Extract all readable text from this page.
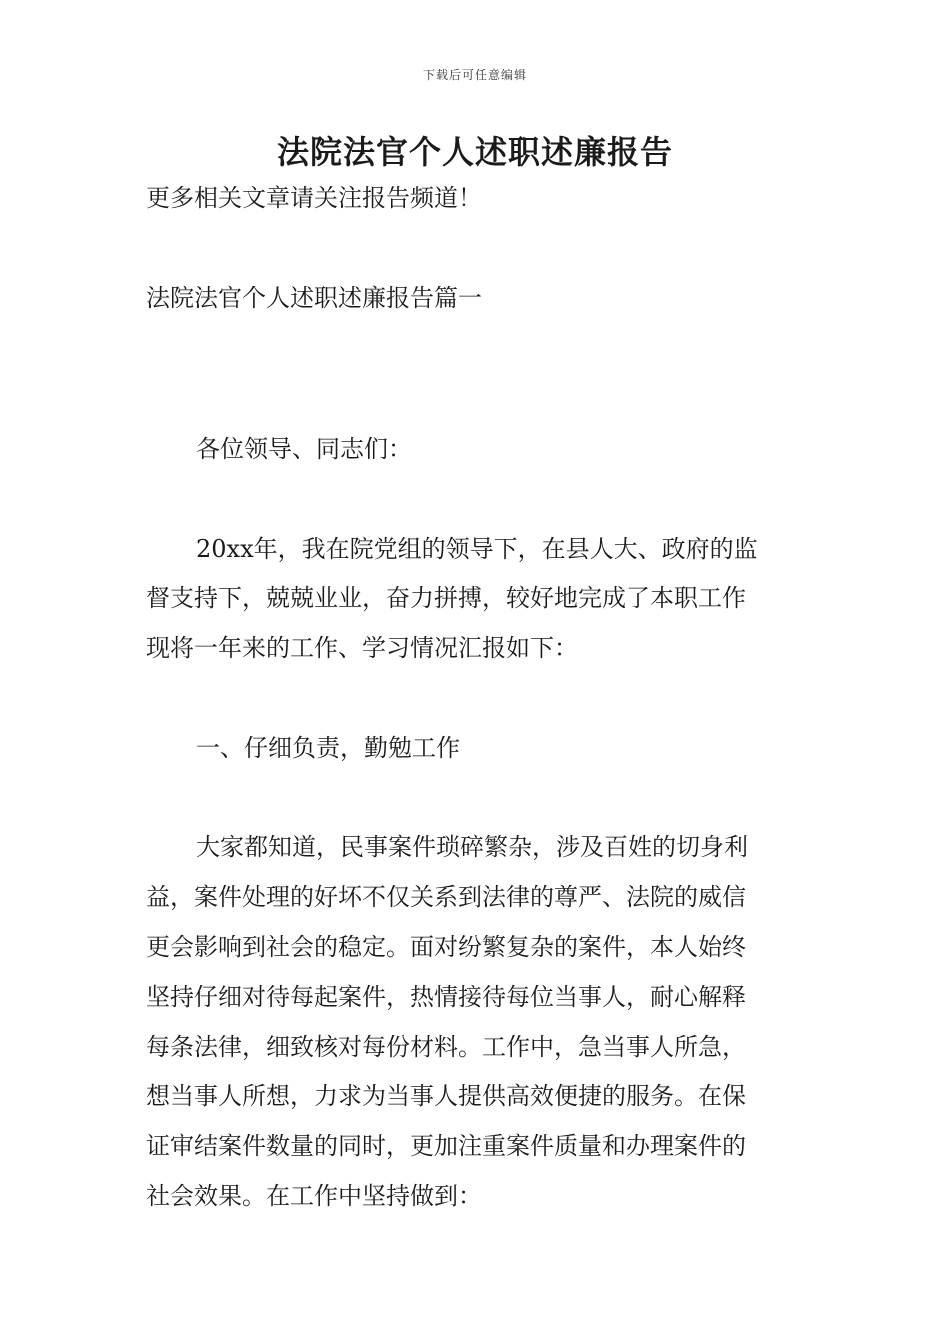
下载后可任意编辑
法院法官个人述职述廉报告

更多相关文章请关注报告频道！

法院法官个人述职述廉报告篇一

各位领导、同志们：

20xx年，我在院党组的领导下，在县人大、政府的监

督支持下，兢兢业业，奋力拼搏，较好地完成了本职工作

现将一年来的工作、学习情况汇报如下：

一、仔细负责，勤勉工作

大家都知道，民事案件琐碎繁杂，涉及百姓的切身利

益，案件处理的好坏不仅关系到法律的尊严、法院的威信

更会影响到社会的稳定。面对纷繁复杂的案件，本人始终

坚持仔细对待每起案件，热情接待每位当事人，耐心解释

每条法律，细致核对每份材料。工作中，急当事人所急，

想当事人所想，力求为当事人提供高效便捷的服务。在保

证审结案件数量的同时，更加注重案件质量和办理案件的

社会效果。在工作中坚持做到：
